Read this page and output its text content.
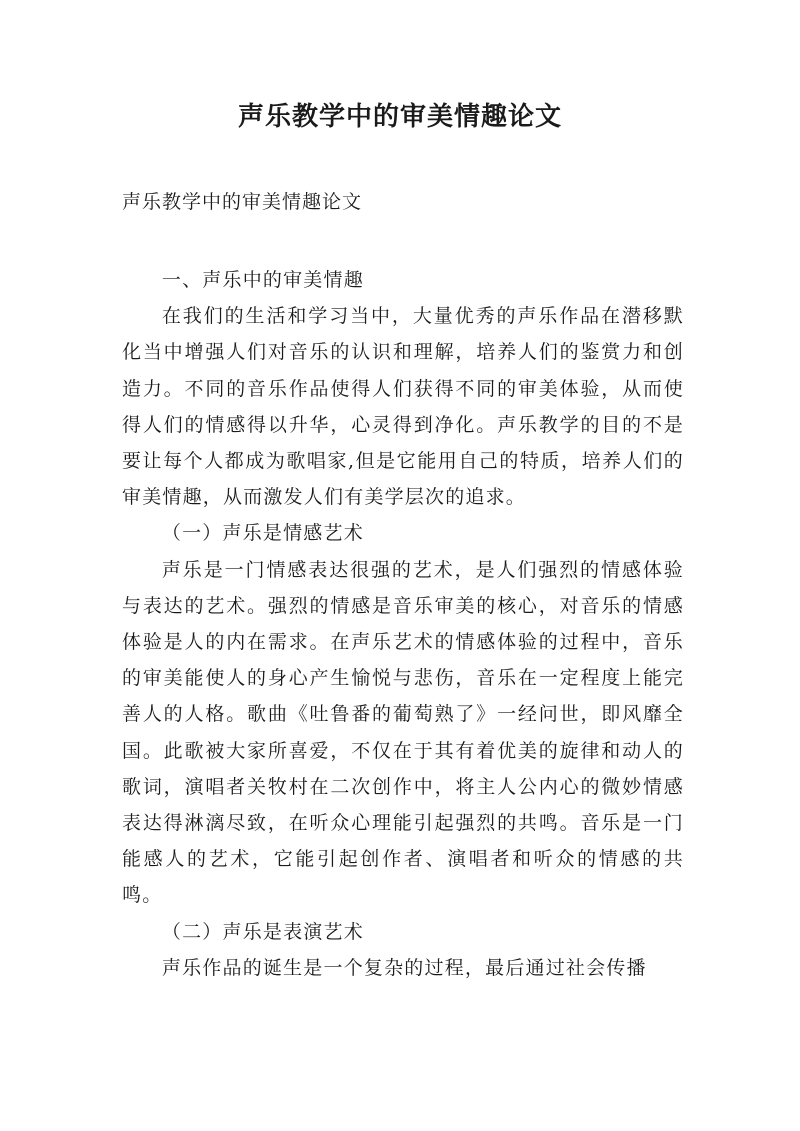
声乐教学中的审美情趣论文
声乐教学中的审美情趣论文

一、声乐中的审美情趣

在我们的生活和学习当中，大量优秀的声乐作品在潜移默化当中增强人们对音乐的认识和理解，培养人们的鉴赏力和创造力。不同的音乐作品使得人们获得不同的审美体验，从而使得人们的情感得以升华，心灵得到净化。声乐教学的目的不是要让每个人都成为歌唱家,但是它能用自己的特质，培养人们的审美情趣，从而激发人们有美学层次的追求。

（一）声乐是情感艺术

声乐是一门情感表达很强的艺术，是人们强烈的情感体验与表达的艺术。强烈的情感是音乐审美的核心，对音乐的情感体验是人的内在需求。在声乐艺术的情感体验的过程中，音乐的审美能使人的身心产生愉悦与悲伤，音乐在一定程度上能完善人的人格。歌曲《吐鲁番的葡萄熟了》一经问世，即风靡全国。此歌被大家所喜爱，不仅在于其有着优美的旋律和动人的歌词，演唱者关牧村在二次创作中，将主人公内心的微妙情感表达得淋漓尽致，在听众心理能引起强烈的共鸣。音乐是一门能感人的艺术，它能引起创作者、演唱者和听众的情感的共鸣。

（二）声乐是表演艺术

声乐作品的诞生是一个复杂的过程，最后通过社会传播
